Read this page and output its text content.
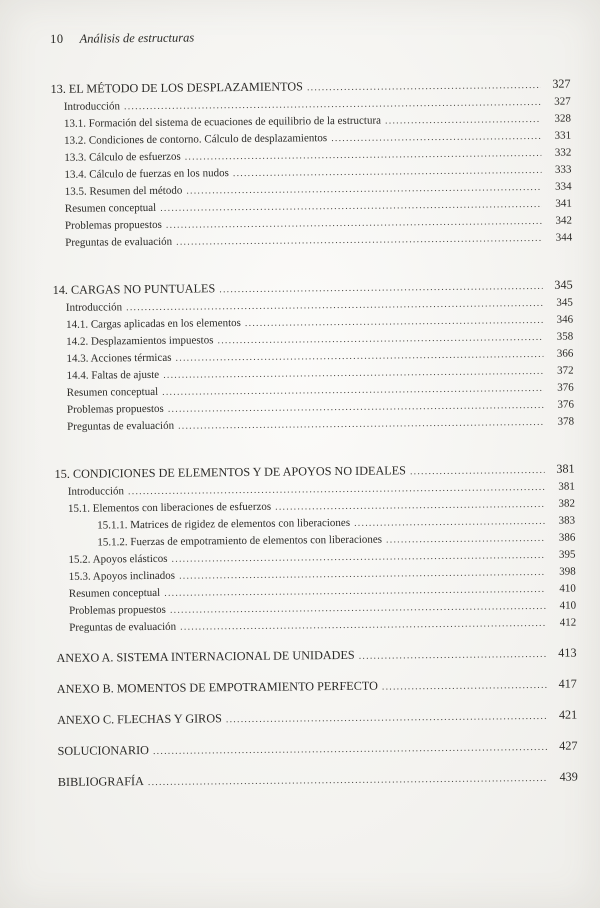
10 Análisis de estructuras
13. EL MÉTODO DE LOS DESPLAZAMIENTOS .....	327
Introducción .....	327
13.1. Formación del sistema de ecuaciones de equilibrio de la estructura .....	328
13.2. Condiciones de contorno. Cálculo de desplazamientos .....	331
13.3. Cálculo de esfuerzos .....	332
13.4. Cálculo de fuerzas en los nudos .....	333
13.5. Resumen del método .....	334
Resumen conceptual .....	341
Problemas propuestos .....	342
Preguntas de evaluación .....	344
14. CARGAS NO PUNTUALES .....	345
Introducción .....	345
14.1. Cargas aplicadas en los elementos .....	346
14.2. Desplazamientos impuestos .....	358
14.3. Acciones térmicas .....	366
14.4. Faltas de ajuste .....	372
Resumen conceptual .....	376
Problemas propuestos .....	376
Preguntas de evaluación .....	378
15. CONDICIONES DE ELEMENTOS Y DE APOYOS NO IDEALES .....	381
Introducción .....	381
15.1. Elementos con liberaciones de esfuerzos .....	382
15.1.1. Matrices de rigidez de elementos con liberaciones .....	383
15.1.2. Fuerzas de empotramiento de elementos con liberaciones .....	386
15.2. Apoyos elásticos .....	395
15.3. Apoyos inclinados .....	398
Resumen conceptual .....	410
Problemas propuestos .....	410
Preguntas de evaluación .....	412
ANEXO A. SISTEMA INTERNACIONAL DE UNIDADES .....	413
ANEXO B. MOMENTOS DE EMPOTRAMIENTO PERFECTO .....	417
ANEXO C. FLECHAS Y GIROS .....	421
SOLUCIONARIO .....	427
BIBLIOGRAFÍA .....	439
